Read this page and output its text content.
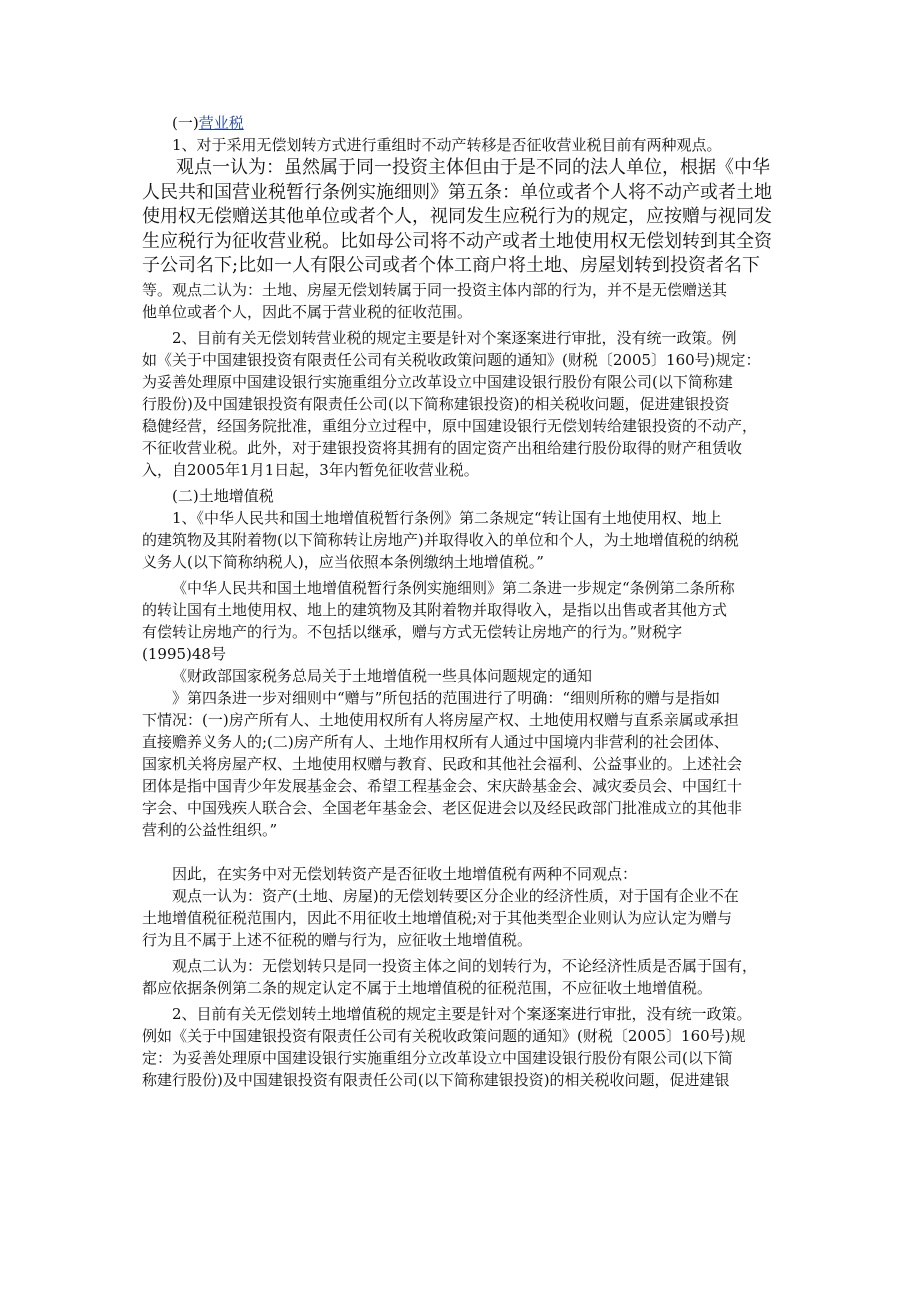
(一)营业税

1、对于采用无偿划转方式进行重组时不动产转移是否征收营业税目前有两种观点。

观点一认为：虽然属于同一投资主体但由于是不同的法人单位，根据《中华

人民共和国营业税暂行条例实施细则》第五条：单位或者个人将不动产或者土地

使用权无偿赠送其他单位或者个人，视同发生应税行为的规定，应按赠与视同发

生应税行为征收营业税。比如母公司将不动产或者土地使用权无偿划转到其全资

子公司名下;比如一人有限公司或者个体工商户将土地、房屋划转到投资者名下

等。观点二认为：土地、房屋无偿划转属于同一投资主体内部的行为，并不是无偿赠送其

他单位或者个人，因此不属于营业税的征收范围。

2、目前有关无偿划转营业税的规定主要是针对个案逐案进行审批，没有统一政策。例

如《关于中国建银投资有限责任公司有关税收政策问题的通知》(财税〔2005〕160号)规定：

为妥善处理原中国建设银行实施重组分立改革设立中国建设银行股份有限公司(以下简称建

行股份)及中国建银投资有限责任公司(以下简称建银投资)的相关税收问题，促进建银投资

稳健经营，经国务院批准，重组分立过程中，原中国建设银行无偿划转给建银投资的不动产，

不征收营业税。此外，对于建银投资将其拥有的固定资产出租给建行股份取得的财产租赁收

入，自2005年1月1日起，3年内暂免征收营业税。

(二)土地增值税

1、《中华人民共和国土地增值税暂行条例》第二条规定“转让国有土地使用权、地上

的建筑物及其附着物(以下简称转让房地产)并取得收入的单位和个人，为土地增值税的纳税

义务人(以下简称纳税人)，应当依照本条例缴纳土地增值税。”

《中华人民共和国土地增值税暂行条例实施细则》第二条进一步规定“条例第二条所称

的转让国有土地使用权、地上的建筑物及其附着物并取得收入，是指以出售或者其他方式

有偿转让房地产的行为。不包括以继承，赠与方式无偿转让房地产的行为。”财税字

(1995)48号

《财政部国家税务总局关于土地增值税一些具体问题规定的通知

》第四条进一步对细则中“赠与”所包括的范围进行了明确：“细则所称的赠与是指如

下情况：(一)房产所有人、土地使用权所有人将房屋产权、土地使用权赠与直系亲属或承担

直接赡养义务人的;(二)房产所有人、土地作用权所有人通过中国境内非营利的社会团体、

国家机关将房屋产权、土地使用权赠与教育、民政和其他社会福利、公益事业的。上述社会

团体是指中国青少年发展基金会、希望工程基金会、宋庆龄基金会、减灾委员会、中国红十

字会、中国残疾人联合会、全国老年基金会、老区促进会以及经民政部门批准成立的其他非

营利的公益性组织。”

因此，在实务中对无偿划转资产是否征收土地增值税有两种不同观点：

观点一认为：资产(土地、房屋)的无偿划转要区分企业的经济性质，对于国有企业不在

土地增值税征税范围内，因此不用征收土地增值税;对于其他类型企业则认为应认定为赠与

行为且不属于上述不征税的赠与行为，应征收土地增值税。

观点二认为：无偿划转只是同一投资主体之间的划转行为，不论经济性质是否属于国有，

都应依据条例第二条的规定认定不属于土地增值税的征税范围，不应征收土地增值税。

2、目前有关无偿划转土地增值税的规定主要是针对个案逐案进行审批，没有统一政策。

例如《关于中国建银投资有限责任公司有关税收政策问题的通知》(财税〔2005〕160号)规

定：为妥善处理原中国建设银行实施重组分立改革设立中国建设银行股份有限公司(以下简

称建行股份)及中国建银投资有限责任公司(以下简称建银投资)的相关税收问题，促进建银
